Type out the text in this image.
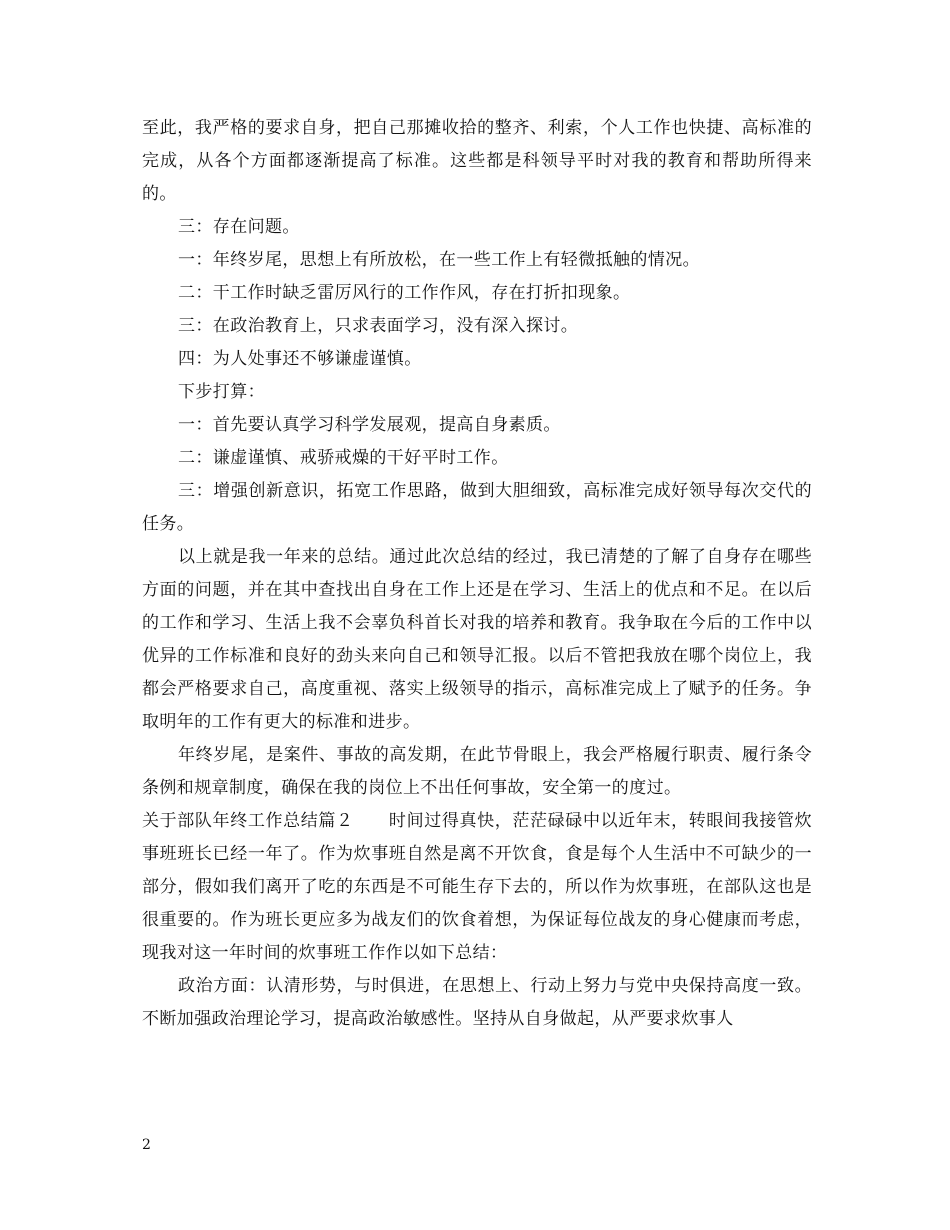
至此，我严格的要求自身，把自己那摊收拾的整齐、利索，个人工作也快捷、高标准的完成，从各个方面都逐渐提高了标准。这些都是科领导平时对我的教育和帮助所得来的。

三：存在问题。

一：年终岁尾，思想上有所放松，在一些工作上有轻微抵触的情况。

二：干工作时缺乏雷厉风行的工作作风，存在打折扣现象。

三：在政治教育上，只求表面学习，没有深入探讨。

四：为人处事还不够谦虚谨慎。

下步打算：

一：首先要认真学习科学发展观，提高自身素质。

二：谦虚谨慎、戒骄戒燥的干好平时工作。

三：增强创新意识，拓宽工作思路，做到大胆细致，高标准完成好领导每次交代的任务。

以上就是我一年来的总结。通过此次总结的经过，我已清楚的了解了自身存在哪些方面的问题，并在其中查找出自身在工作上还是在学习、生活上的优点和不足。在以后的工作和学习、生活上我不会辜负科首长对我的培养和教育。我争取在今后的工作中以优异的工作标准和良好的劲头来向自己和领导汇报。以后不管把我放在哪个岗位上，我都会严格要求自己，高度重视、落实上级领导的指示，高标准完成上了赋予的任务。争取明年的工作有更大的标准和进步。

年终岁尾，是案件、事故的高发期，在此节骨眼上，我会严格履行职责、履行条令条例和规章制度，确保在我的岗位上不出任何事故，安全第一的度过。

关于部队年终工作总结篇２　　时间过得真快，茫茫碌碌中以近年末，转眼间我接管炊事班班长已经一年了。作为炊事班自然是离不开饮食，食是每个人生活中不可缺少的一部分，假如我们离开了吃的东西是不可能生存下去的，所以作为炊事班，在部队这也是很重要的。作为班长更应多为战友们的饮食着想，为保证每位战友的身心健康而考虑，现我对这一年时间的炊事班工作作以如下总结：

政治方面：认清形势，与时俱进，在思想上、行动上努力与党中央保持高度一致。不断加强政治理论学习，提高政治敏感性。坚持从自身做起，从严要求炊事人

2
